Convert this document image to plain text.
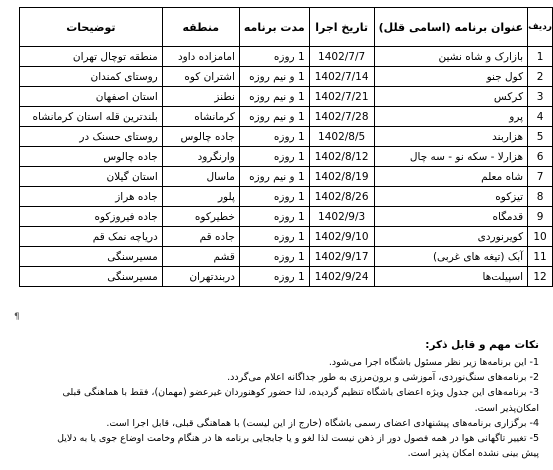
ردیف	عنوان برنامه (اسامی قلل)	تاریخ اجرا	مدت برنامه	منطقه	توضیحات
1	بازارک و شاه نشین	1402/7/7	1 روزه	امامزاده داود	منطقه توچال تهران
2	کول جنو	1402/7/14	1 و نیم روزه	اشتران کوه	روستای کمندان
3	کرکس	1402/7/21	1 و نیم روزه	نطنز	استان اصفهان
4	پرو	1402/7/28	1 و نیم روزه	کرمانشاه	بلندترین قله استان کرمانشاه
5	هزاربند	1402/8/5	1 روزه	جاده چالوس	روستای حسنک در
6	هزارلا - سکه نو - سه چال	1402/8/12	1 روزه	وارنگرود	جاده چالوس
7	شاه معلم	1402/8/19	1 و نیم روزه	ماسال	استان گیلان
8	تیزکوه	1402/8/26	1 روزه	پلور	جاده هراز
9	قدمگاه	1402/9/3	1 روزه	خطیرکوه	جاده فیروزکوه
10	کویرنوردی	1402/9/10	1 روزه	جاده قم	دریاچه نمک قم
11	آبک (تیغه های غربی)	1402/9/17	1 روزه	قشم	مسیرسنگی
12	اسپیلت‌ها	1402/9/24	1 روزه	دربندتهران	مسیرسنگی
¶
نکات مهم و قابل ذکر:
1- این برنامه‌ها زیر نظر مسئول باشگاه اجرا می‌شود.
2- برنامه‌های سنگ‌نوردی، آموزشی و برون‌مرزی به طور جداگانه اعلام می‌گردد.
3- برنامه‌های این جدول ویژه اعضای باشگاه تنظیم گردیده، لذا حضور کوهنوردان غیرعضو (مهمان)، فقط با هماهنگی قبلی
امکان‌پذیر است.
4- برگزاری برنامه‌های پیشنهادی اعضای رسمی باشگاه (خارج از این لیست) با هماهنگی قبلی، قابل اجرا است.
5- تغییر تاگهانی هوا در همه فصول دور از ذهن نیست لذا لغو و یا جابجایی برنامه ها در هنگام وخامت اوضاع جوی یا به دلایل
پیش بینی نشده امکان پذیر است.
